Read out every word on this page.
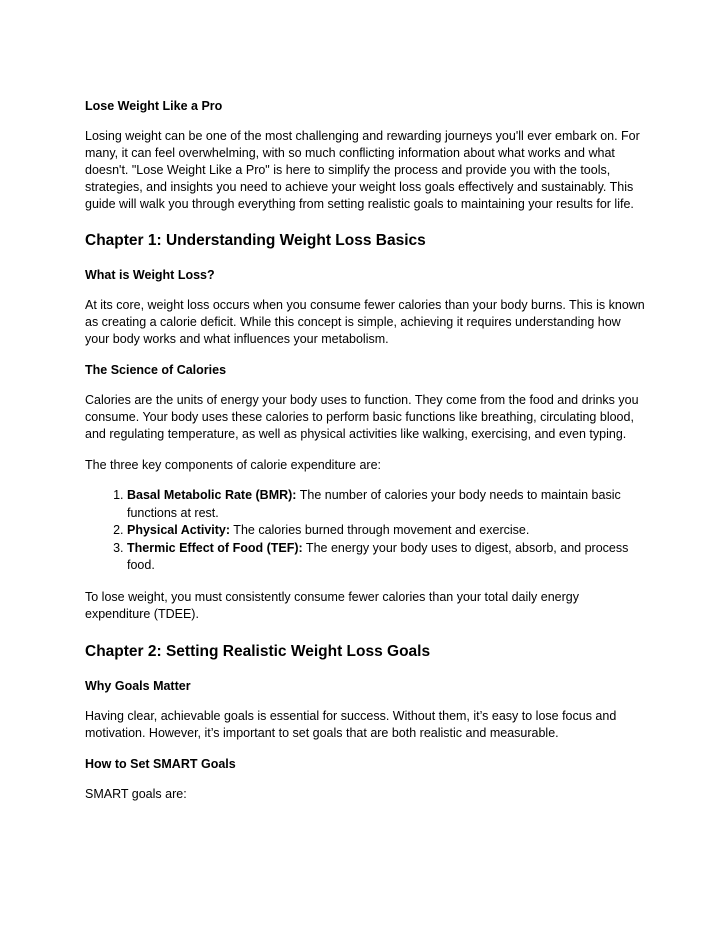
Lose Weight Like a Pro

Losing weight can be one of the most challenging and rewarding journeys you'll ever embark on. For many, it can feel overwhelming, with so much conflicting information about what works and what doesn't. "Lose Weight Like a Pro" is here to simplify the process and provide you with the tools, strategies, and insights you need to achieve your weight loss goals effectively and sustainably. This guide will walk you through everything from setting realistic goals to maintaining your results for life.

Chapter 1: Understanding Weight Loss Basics
What is Weight Loss?

At its core, weight loss occurs when you consume fewer calories than your body burns. This is known as creating a calorie deficit. While this concept is simple, achieving it requires understanding how your body works and what influences your metabolism.

The Science of Calories

Calories are the units of energy your body uses to function. They come from the food and drinks you consume. Your body uses these calories to perform basic functions like breathing, circulating blood, and regulating temperature, as well as physical activities like walking, exercising, and even typing.

The three key components of calorie expenditure are:

1. Basal Metabolic Rate (BMR): The number of calories your body needs to maintain basic functions at rest.
2. Physical Activity: The calories burned through movement and exercise.
3. Thermic Effect of Food (TEF): The energy your body uses to digest, absorb, and process food.

To lose weight, you must consistently consume fewer calories than your total daily energy expenditure (TDEE).

Chapter 2: Setting Realistic Weight Loss Goals
Why Goals Matter

Having clear, achievable goals is essential for success. Without them, it’s easy to lose focus and motivation. However, it’s important to set goals that are both realistic and measurable.

How to Set SMART Goals

SMART goals are:
